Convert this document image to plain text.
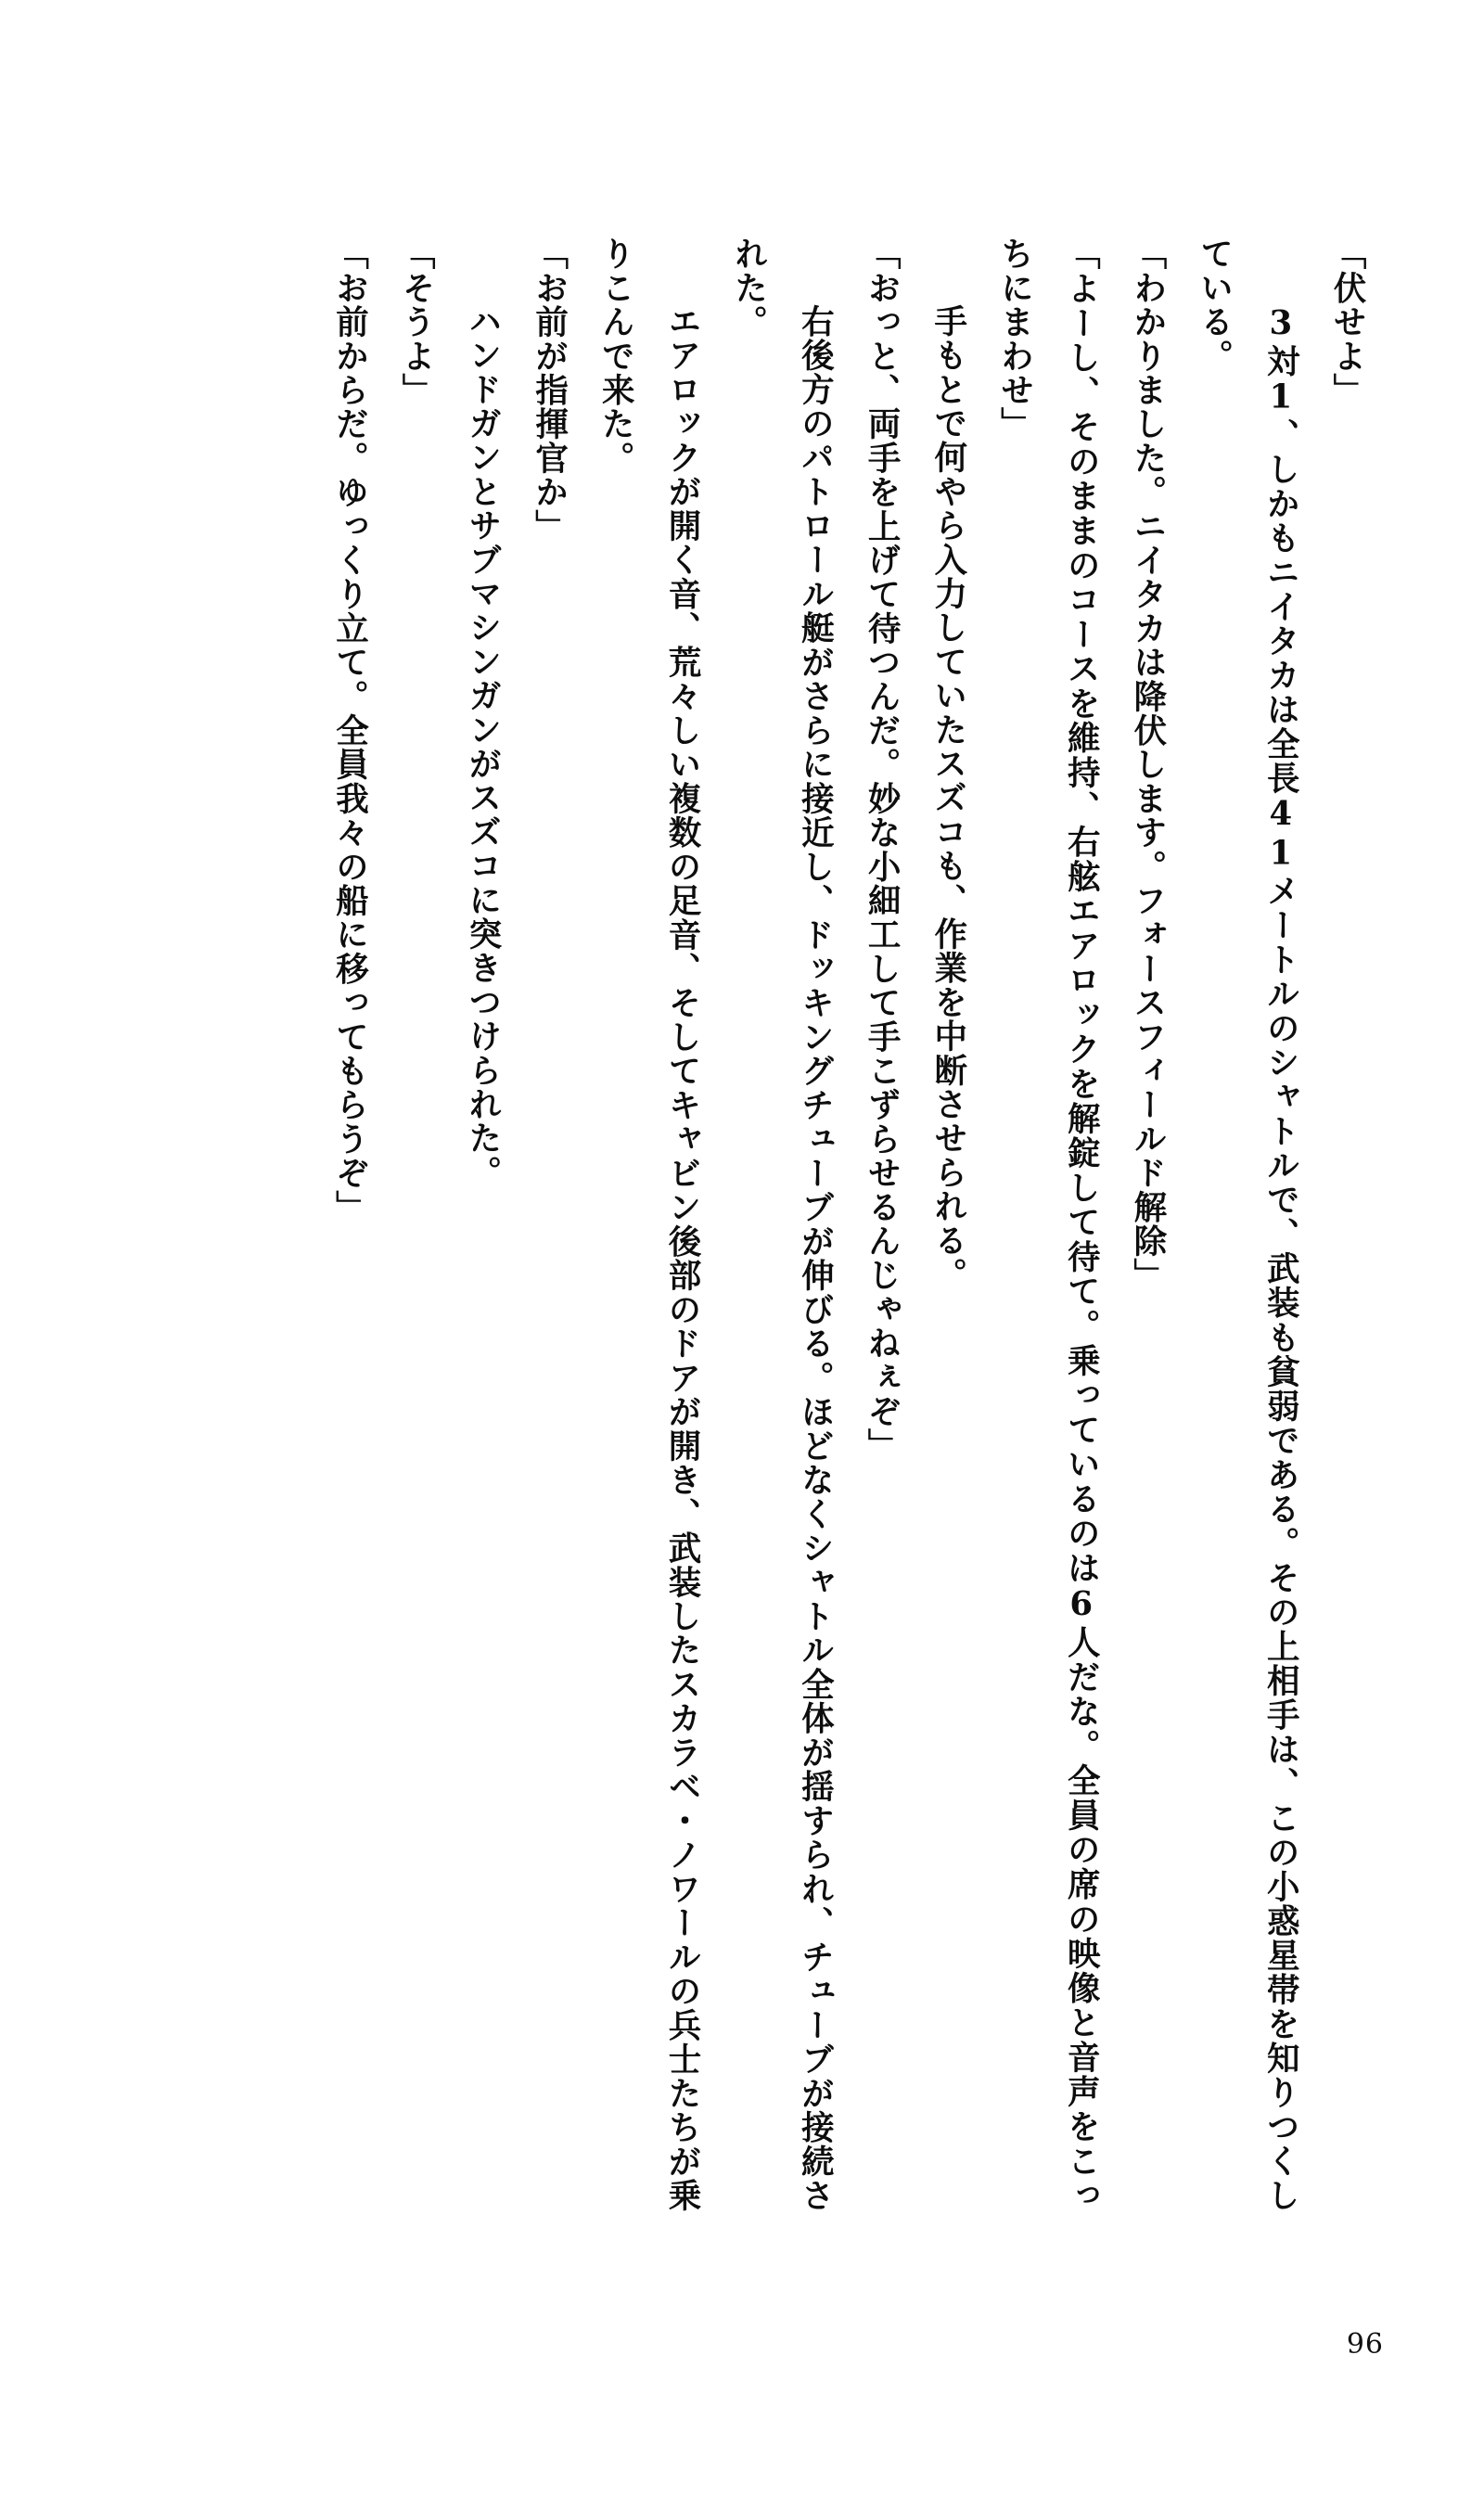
「伏せよ」

　3対1、しかもニイタカは全長41メートルのシャトルで、武装も貧弱である。その上相手は、この小惑星帯を知りつくしている。

「わかりました。ニイタカは降伏します。フォースフィールド解除」

「よーし、そのままのコースを維持、右舷エアロックを解錠して待て。乗っているのは6人だな。全員の席の映像と音声をこっちにまわせ」

　手もとで何やら入力していたスズコも、作業を中断させられる。

「おっと、両手を上げて待つんだ。妙な小細工して手こずらせるんじゃねぇぞ」

　右後方のパトロール艇がさらに接近し、ドッキングチューブが伸びる。ほどなくシャトル全体が揺すられ、チューブが接続された。

　エアロックが開く音、荒々しい複数の足音、そしてキャビン後部のドアが開き、武装したスカラベ・ノワールの兵士たちが乗りこんで来た。

「お前が指揮官か」

　ハンドガンとサブマシンガンがスズコに突きつけられた。

「そうよ」

「お前からだ。ゆっくり立て。全員我々の船に移ってもらうぞ」

96
